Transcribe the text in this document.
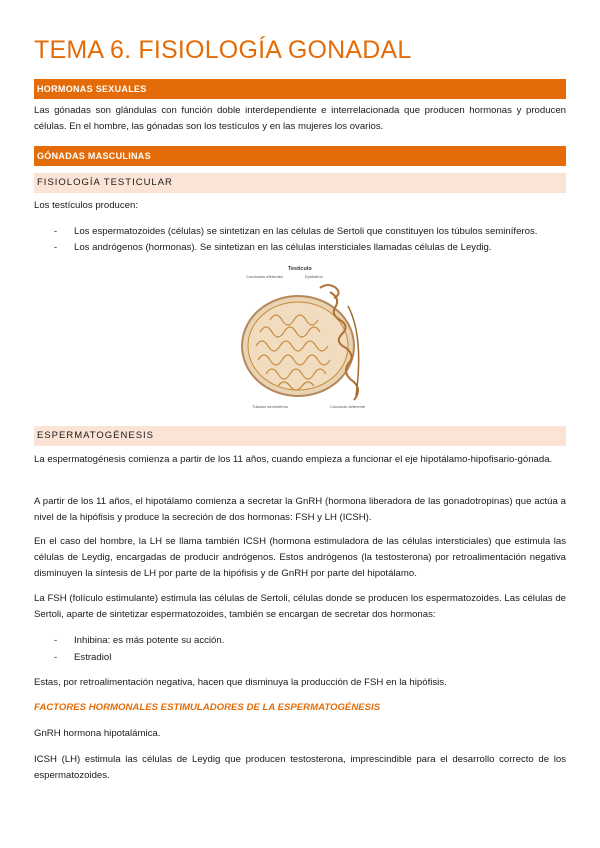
TEMA 6. FISIOLOGÍA GONADAL
HORMONAS SEXUALES

Las gónadas son glándulas con función doble interdependiente e interrelacionada que producen hormonas y producen células. En el hombre, las gónadas son los testículos y en las mujeres los ovarios.

GÓNADAS MASCULINAS
FISIOLOGÍA TESTICULAR

Los testículos producen:

- Los espermatozoides (células) se sintetizan en las células de Sertoli que constituyen los túbulos seminíferos.
- Los andrógenos (hormonas). Se sintetizan en las células intersticiales llamadas células de Leydig.
Testículo
Conductos eferentes	Epidídimo
Túbulos seminíferos	Conducto deferente
ESPERMATOGÉNESIS

La espermatogénesis comienza a partir de los 11 años, cuando empieza a funcionar el eje hipotálamo-hipofisario-gónada.

A partir de los 11 años, el hipotálamo comienza a secretar la GnRH (hormona liberadora de las gonadotropinas) que actúa a nivel de la hipófisis y produce la secreción de dos hormonas: FSH y LH (ICSH).

En el caso del hombre, la LH se llama también ICSH (hormona estimuladora de las células intersticiales) que estimula las células de Leydig, encargadas de producir andrógenos. Estos andrógenos (la testosterona) por retroalimentación negativa disminuyen la síntesis de LH por parte de la hipófisis y de GnRH por parte del hipotálamo.

La FSH (folículo estimulante) estimula las células de Sertoli, células donde se producen los espermatozoides. Las células de Sertoli, aparte de sintetizar espermatozoides, también se encargan de secretar dos hormonas:

- Inhibina: es más potente su acción.
- Estradiol

Estas, por retroalimentación negativa, hacen que disminuya la producción de FSH en la hipófisis.

FACTORES HORMONALES ESTIMULADORES DE LA ESPERMATOGÉNESIS

GnRH hormona hipotalámica.

ICSH (LH) estimula las células de Leydig que producen testosterona, imprescindible para el desarrollo correcto de los espermatozoides.
